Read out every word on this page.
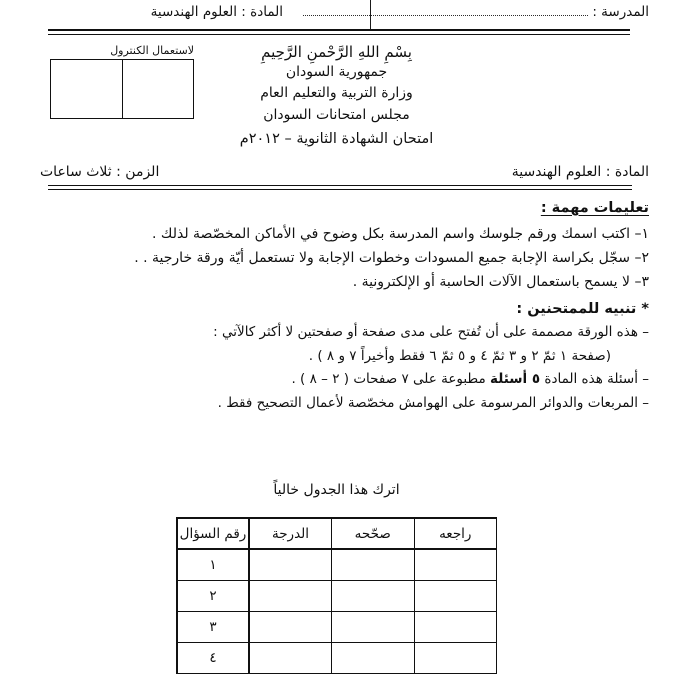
المدرسة :
المادة : العلوم الهندسية
بِسْمِ اللهِ الرَّحْمنِ الرَّحِيمِ
جمهورية السودان
وزارة التربية والتعليم العام
مجلس امتحانات السودان
امتحان الشهادة الثانوية – ٢٠١٢م
لاستعمال الكنترول
المادة : العلوم الهندسية
الزمن : ثلاث ساعات
تعليمات مهمة :
١– اكتب اسمك ورقم جلوسك واسم المدرسة بكل وضوح في الأماكن المخصّصة لذلك .
٢– سجّل بكراسة الإجابة جميع المسودات وخطوات الإجابة ولا تستعمل أيّة ورقة خارجية . .
٣– لا يسمح باستعمال الآلات الحاسبة أو الإلكترونية .
* تنبيه للممتحنين :
– هذه الورقة مصممة على أن تُفتح على مدى صفحة أو صفحتين لا أكثر كالآتي :
(صفحة ١ ثمّ ٢ و ٣ ثمّ ٤ و ٥ ثمّ ٦ فقط وأخيراً ٧ و ٨ ) .
– أسئلة هذه المادة ٥ أسئلة مطبوعة على ٧ صفحات ( ٢ – ٨ ) .
– المربعات والدوائر المرسومة على الهوامش مخصّصة لأعمال التصحيح فقط .
اترك هذا الجدول خالياً
راجعه	صحّحه	الدرجة	رقم السؤال
			١
			٢
			٣
			٤
